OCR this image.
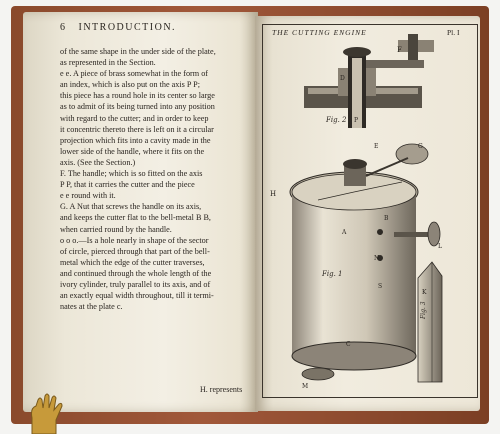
6 INTRODUCTION.
of the same shape in the under side of the plate,
as represented in the Section.
e e. A piece of brass somewhat in the form of
an index, which is also put on the axis P P;
this piece has a round hole in its center so large
as to admit of its being turned into any position
with regard to the cutter; and in order to keep
it concentric thereto there is left on it a circular
projection which fits into a cavity made in the
lower side of the handle, where it fits on the
axis. (See the Section.)
F. The handle; which is so fitted on the axis
P P, that it carries the cutter and the piece
e e round with it.
G. A Nut that screws the handle on its axis,
and keeps the cutter flat to the bell-metal B B,
when carried round by the handle.
o o o.—Is a hole nearly in shape of the sector
of circle, pierced through that part of the bell-
metal which the edge of the cutter traverses,
and continued through the whole length of the
ivory cylinder, truly parallel to its axis, and of
an exactly equal width throughout, till it termi-
nates at the plate c.
H. represents
THE CUTTING ENGINE	Pl. I
F
D
P
Fig. 2
H
Fig. 1
A
B
N
L
C
M
G
E
Fig. 3
K
S
